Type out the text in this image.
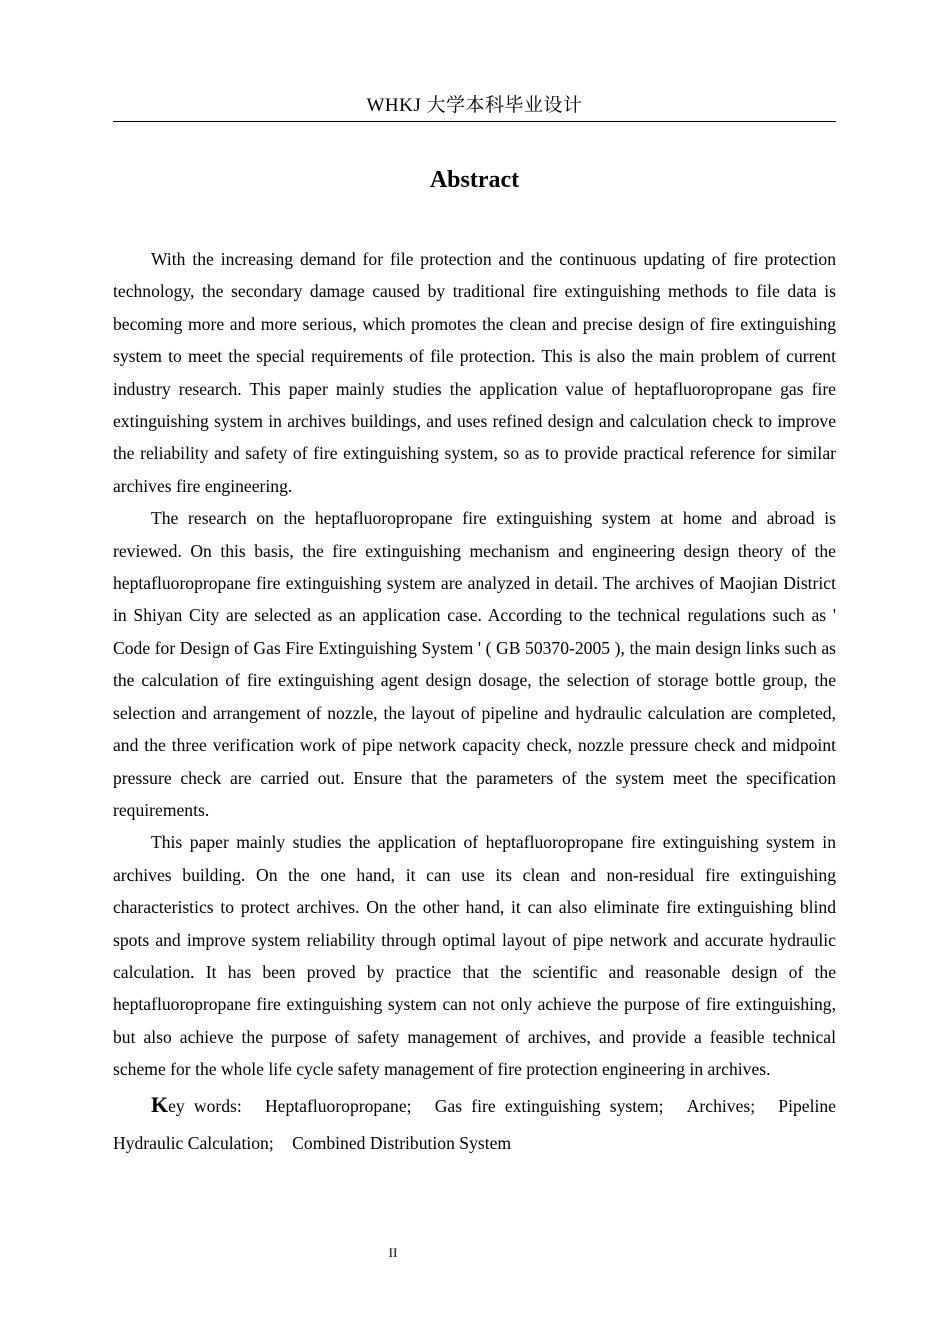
WHKJ 大学本科毕业设计
Abstract

With the increasing demand for file protection and the continuous updating of fire protection technology, the secondary damage caused by traditional fire extinguishing methods to file data is becoming more and more serious, which promotes the clean and precise design of fire extinguishing system to meet the special requirements of file protection. This is also the main problem of current industry research. This paper mainly studies the application value of heptafluoropropane gas fire extinguishing system in archives buildings, and uses refined design and calculation check to improve the reliability and safety of fire extinguishing system, so as to provide practical reference for similar archives fire engineering.

The research on the heptafluoropropane fire extinguishing system at home and abroad is reviewed. On this basis, the fire extinguishing mechanism and engineering design theory of the heptafluoropropane fire extinguishing system are analyzed in detail. The archives of Maojian District in Shiyan City are selected as an application case. According to the technical regulations such as ' Code for Design of Gas Fire Extinguishing System ' ( GB 50370-2005 ), the main design links such as the calculation of fire extinguishing agent design dosage, the selection of storage bottle group, the selection and arrangement of nozzle, the layout of pipeline and hydraulic calculation are completed, and the three verification work of pipe network capacity check, nozzle pressure check and midpoint pressure check are carried out. Ensure that the parameters of the system meet the specification requirements.

This paper mainly studies the application of heptafluoropropane fire extinguishing system in archives building. On the one hand, it can use its clean and non-residual fire extinguishing characteristics to protect archives. On the other hand, it can also eliminate fire extinguishing blind spots and improve system reliability through optimal layout of pipe network and accurate hydraulic calculation. It has been proved by practice that the scientific and reasonable design of the heptafluoropropane fire extinguishing system can not only achieve the purpose of fire extinguishing, but also achieve the purpose of safety management of archives, and provide a feasible technical scheme for the whole life cycle safety management of fire protection engineering in archives.

Key words: Heptafluoropropane; Gas fire extinguishing system; Archives; Pipeline Hydraulic Calculation; Combined Distribution System

II
